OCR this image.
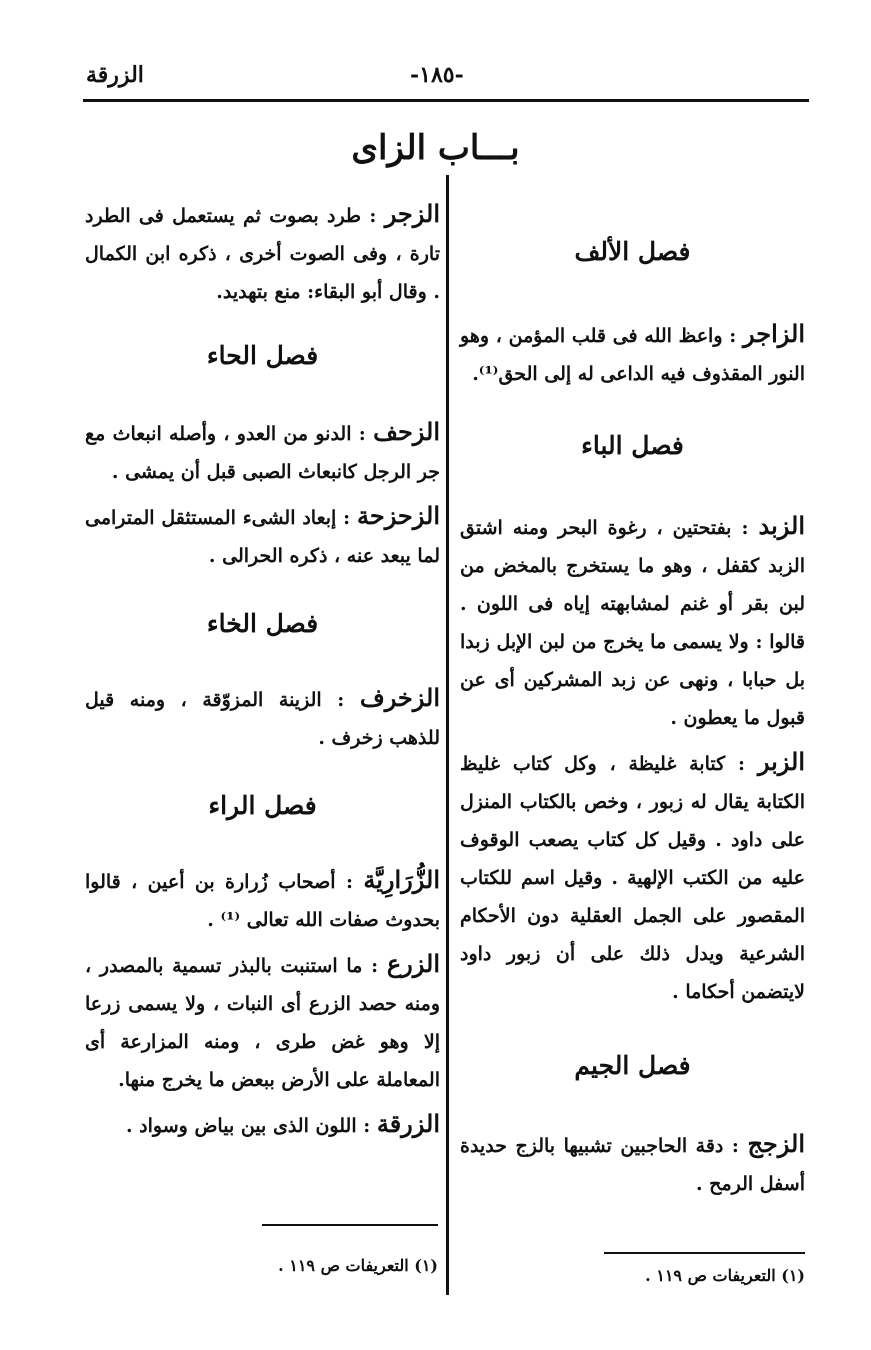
الزرقة	-١٨٥-
بـــاب الزاى
فصل الألف

الزاجر : واعظ الله فى قلب المؤمن ، وهو النور المقذوف فيه الداعى له إلى الحق⁽¹⁾.

فصل الباء

الزبد : بفتحتين ، رغوة البحر ومنه اشتق الزبد كقفل ، وهو ما يستخرج بالمخض من لبن بقر أو غنم لمشابهته إياه فى اللون . قالوا : ولا يسمى ما يخرج من لبن الإبل زبدا بل حبابا ، ونهى عن زبد المشركين أى عن قبول ما يعطون .

الزبر : كتابة غليظة ، وكل كتاب غليظ الكتابة يقال له زبور ، وخص بالكتاب المنزل على داود . وقيل كل كتاب يصعب الوقوف عليه من الكتب الإلهية . وقيل اسم للكتاب المقصور على الجمل العقلية دون الأحكام الشرعية ويدل ذلك على أن زبور داود لايتضمن أحكاما .

فصل الجيم

الزجج : دقة الحاجبين تشبيها بالزج حديدة أسفل الرمح .

(١) التعريفات ص ١١٩ .

الزجر : طرد بصوت ثم يستعمل فى الطرد تارة ، وفى الصوت أخرى ، ذكره ابن الكمال . وقال أبو البقاء: منع بتهديد.

فصل الحاء

الزحف : الدنو من العدو ، وأصله انبعاث مع جر الرجل كانبعاث الصبى قبل أن يمشى .

الزحزحة : إبعاد الشىء المستثقل المترامى لما يبعد عنه ، ذكره الحرالى .

فصل الخاء

الزخرف : الزينة المزوّقة ، ومنه قيل للذهب زخرف .

فصل الراء

الزُّرَارِيَّة : أصحاب زُرارة بن أعين ، قالوا بحدوث صفات الله تعالى ⁽¹⁾ .

الزرع : ما استنبت بالبذر تسمية بالمصدر ، ومنه حصد الزرع أى النبات ، ولا يسمى زرعا إلا وهو غض طرى ، ومنه المزارعة أى المعاملة على الأرض ببعض ما يخرج منها.

الزرقة : اللون الذى بين بياض وسواد .

(١) التعريفات ص ١١٩ .
